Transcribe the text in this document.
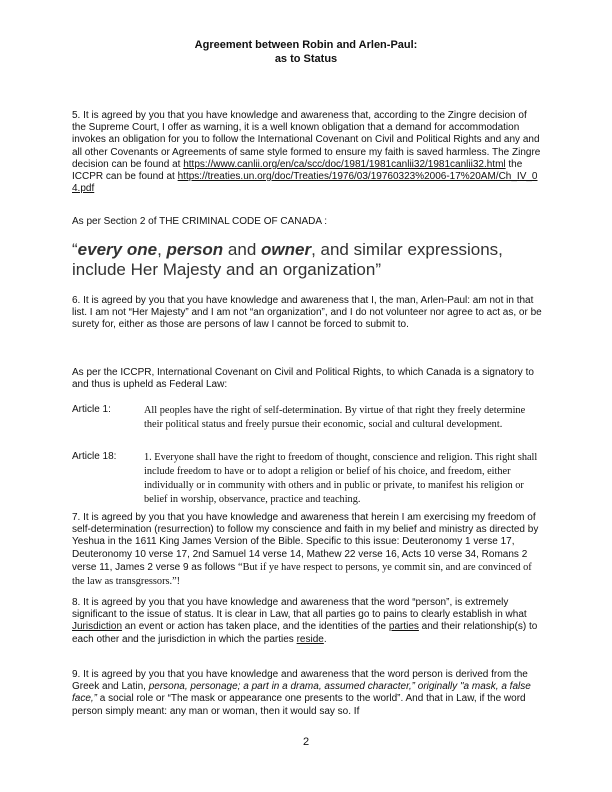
Agreement between Robin and Arlen-Paul:
as to Status
5. It is agreed by you that you have knowledge and awareness that, according to the Zingre decision of the Supreme Court, I offer as warning, it is a well known obligation that a demand for accommodation invokes an obligation for you to follow the International Covenant on Civil and Political Rights and any and all other Covenants or Agreements of same style formed to ensure my faith is saved harmless. The Zingre decision can be found at https://www.canlii.org/en/ca/scc/doc/1981/1981canlii32/1981canlii32.html the ICCPR can be found at https://treaties.un.org/doc/Treaties/1976/03/19760323%2006-17%20AM/Ch_IV_04.pdf
As per Section 2 of THE CRIMINAL CODE OF CANADA :
“every one, person and owner, and similar expressions, include Her Majesty and an organization”
6. It is agreed by you that you have knowledge and awareness that I, the man, Arlen-Paul: am not in that list. I am not “Her Majesty” and I am not “an organization”, and I do not volunteer nor agree to act as, or be surety for, either as those are persons of law I cannot be forced to submit to.
As per the ICCPR, International Covenant on Civil and Political Rights, to which Canada is a signatory to and thus is upheld as Federal Law:
Article 1:	All peoples have the right of self-determination. By virtue of that right they freely determine their political status and freely pursue their economic, social and cultural development.
Article 18:	1. Everyone shall have the right to freedom of thought, conscience and religion. This right shall include freedom to have or to adopt a religion or belief of his choice, and freedom, either individually or in community with others and in public or private, to manifest his religion or belief in worship, observance, practice and teaching.
7. It is agreed by you that you have knowledge and awareness that herein I am exercising my freedom of self-determination (resurrection) to follow my conscience and faith in my belief and ministry as directed by Yeshua in the 1611 King James Version of the Bible. Specific to this issue: Deuteronomy 1 verse 17, Deuteronomy 10 verse 17, 2nd Samuel 14 verse 14, Mathew 22 verse 16, Acts 10 verse 34, Romans 2 verse 11, James 2 verse 9 as follows “But if ye have respect to persons, ye commit sin, and are convinced of the law as transgressors.”!
8. It is agreed by you that you have knowledge and awareness that the word “person”, is extremely significant to the issue of status. It is clear in Law, that all parties go to pains to clearly establish in what Jurisdiction an event or action has taken place, and the identities of the parties and their relationship(s) to each other and the jurisdiction in which the parties reside.
9. It is agreed by you that you have knowledge and awareness that the word person is derived from the Greek and Latin, persona, personage; a part in a drama, assumed character,” originally "a mask, a false face,” a social role or “The mask or appearance one presents to the world”. And that in Law, if the word person simply meant: any man or woman, then it would say so. If
2
